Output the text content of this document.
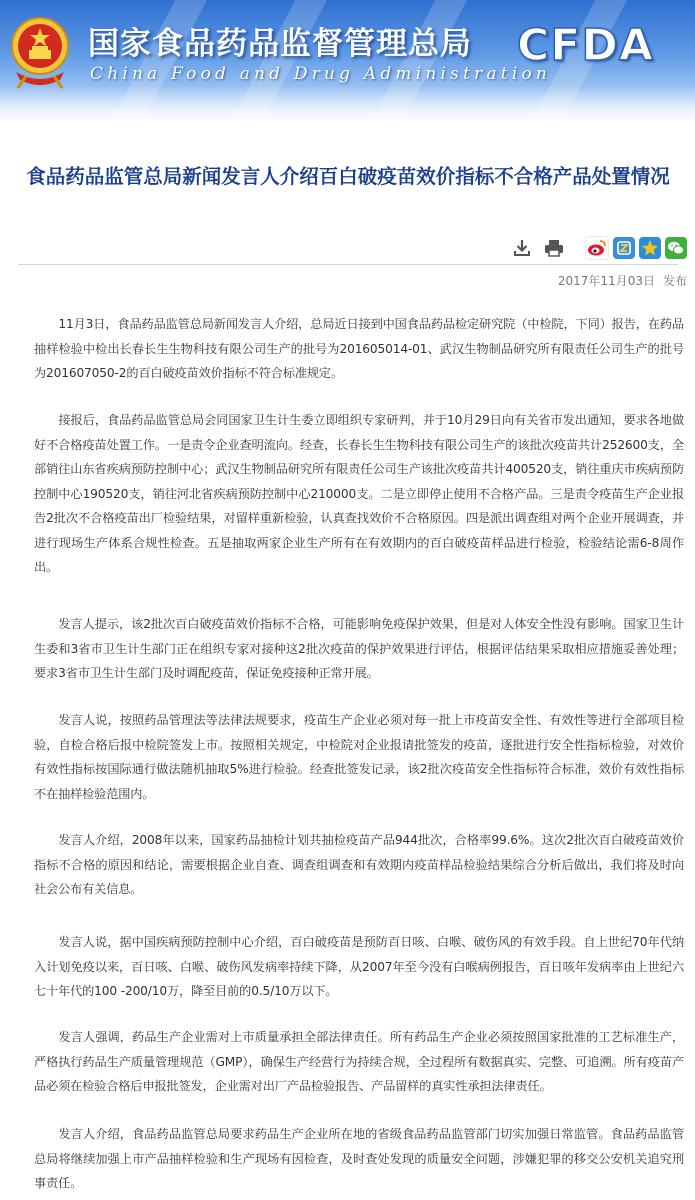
国家食品药品监督管理总局
China Food and Drug Administration
CFDA
食品药品监管总局新闻发言人介绍百白破疫苗效价指标不合格产品处置情况
2017年11月03日 发布

11月3日，食品药品监管总局新闻发言人介绍，总局近日接到中国食品药品检定研究院（中检院，下同）报告，在药品抽样检验中检出长春长生生物科技有限公司生产的批号为201605014-01、武汉生物制品研究所有限责任公司生产的批号为201607050-2的百白破疫苗效价指标不符合标准规定。

接报后，食品药品监管总局会同国家卫生计生委立即组织专家研判，并于10月29日向有关省市发出通知，要求各地做好不合格疫苗处置工作。一是责令企业查明流向。经查，长春长生生物科技有限公司生产的该批次疫苗共计252600支，全部销往山东省疾病预防控制中心；武汉生物制品研究所有限责任公司生产该批次疫苗共计400520支，销往重庆市疾病预防控制中心190520支，销往河北省疾病预防控制中心210000支。二是立即停止使用不合格产品。三是责令疫苗生产企业报告2批次不合格疫苗出厂检验结果，对留样重新检验，认真查找效价不合格原因。四是派出调查组对两个企业开展调查，并进行现场生产体系合规性检查。五是抽取两家企业生产所有在有效期内的百白破疫苗样品进行检验，检验结论需6-8周作出。

发言人提示，该2批次百白破疫苗效价指标不合格，可能影响免疫保护效果，但是对人体安全性没有影响。国家卫生计生委和3省市卫生计生部门正在组织专家对接种这2批次疫苗的保护效果进行评估，根据评估结果采取相应措施妥善处理；要求3省市卫生计生部门及时调配疫苗，保证免疫接种正常开展。

发言人说，按照药品管理法等法律法规要求，疫苗生产企业必须对每一批上市疫苗安全性、有效性等进行全部项目检验，自检合格后报中检院签发上市。按照相关规定，中检院对企业报请批签发的疫苗，逐批进行安全性指标检验，对效价有效性指标按国际通行做法随机抽取5%进行检验。经查批签发记录，该2批次疫苗安全性指标符合标准，效价有效性指标不在抽样检验范围内。

发言人介绍，2008年以来，国家药品抽检计划共抽检疫苗产品944批次，合格率99.6%。这次2批次百白破疫苗效价指标不合格的原因和结论，需要根据企业自查、调查组调查和有效期内疫苗样品检验结果综合分析后做出，我们将及时向社会公布有关信息。

发言人说，据中国疾病预防控制中心介绍，百白破疫苗是预防百日咳、白喉、破伤风的有效手段。自上世纪70年代纳入计划免疫以来，百日咳、白喉、破伤风发病率持续下降，从2007年至今没有白喉病例报告，百日咳年发病率由上世纪六七十年代的100 -200/10万，降至目前的0.5/10万以下。

发言人强调，药品生产企业需对上市质量承担全部法律责任。所有药品生产企业必须按照国家批准的工艺标准生产，严格执行药品生产质量管理规范（GMP），确保生产经营行为持续合规，全过程所有数据真实、完整、可追溯。所有疫苗产品必须在检验合格后申报批签发，企业需对出厂产品检验报告、产品留样的真实性承担法律责任。

发言人介绍，食品药品监管总局要求药品生产企业所在地的省级食品药品监管部门切实加强日常监管。食品药品监管总局将继续加强上市产品抽样检验和生产现场有因检查，及时查处发现的质量安全问题，涉嫌犯罪的移交公安机关追究刑事责任。
